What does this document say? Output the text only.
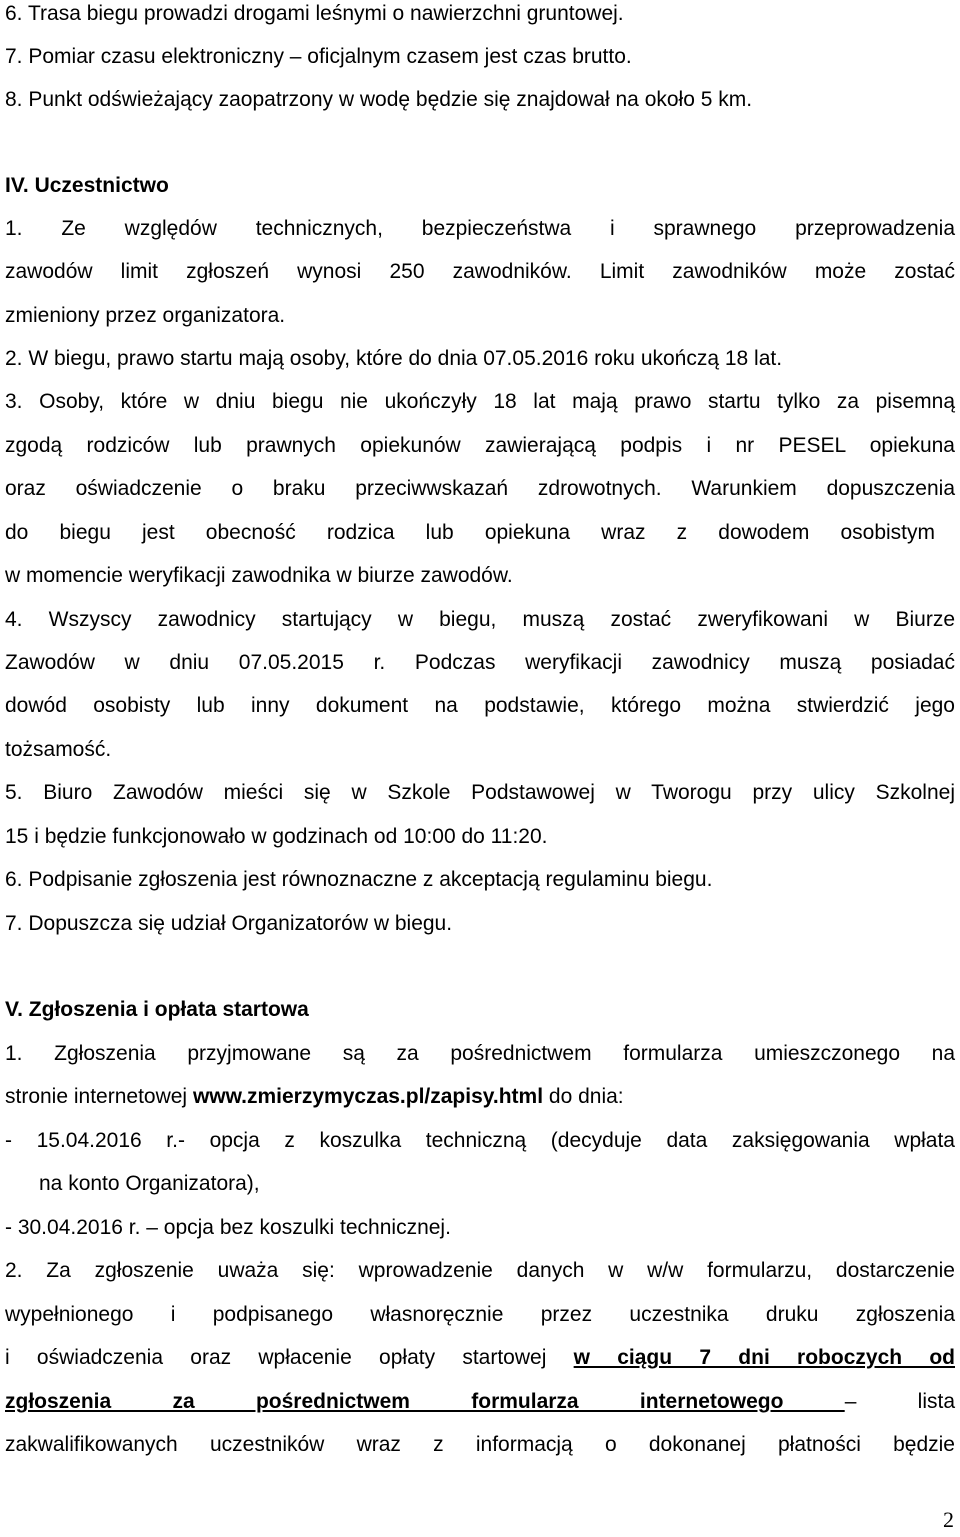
6. Trasa biegu prowadzi drogami leśnymi o nawierzchni gruntowej.
7. Pomiar czasu elektroniczny – oficjalnym czasem jest czas brutto.
8. Punkt odświeżający zaopatrzony w wodę będzie się znajdował na około 5 km.
IV. Uczestnictwo
1. Ze względów technicznych, bezpieczeństwa i sprawnego przeprowadzenia
zawodów limit zgłoszeń wynosi 250 zawodników. Limit zawodników może zostać
zmieniony przez organizatora.
2. W biegu, prawo startu mają osoby, które do dnia 07.05.2016 roku ukończą 18 lat.
3. Osoby, które w dniu biegu nie ukończyły 18 lat mają prawo startu tylko za pisemną
zgodą rodziców lub prawnych opiekunów zawierającą podpis i nr PESEL opiekuna
oraz oświadczenie o braku przeciwwskazań zdrowotnych. Warunkiem dopuszczenia
do biegu jest obecność rodzica lub opiekuna wraz z dowodem osobistym
w momencie weryfikacji zawodnika w biurze zawodów.
4. Wszyscy zawodnicy startujący w biegu, muszą zostać zweryfikowani w Biurze
Zawodów w dniu 07.05.2015 r. Podczas weryfikacji zawodnicy muszą posiadać
dowód osobisty lub inny dokument na podstawie, którego można stwierdzić jego
tożsamość.
5. Biuro Zawodów mieści się w Szkole Podstawowej w Tworogu przy ulicy Szkolnej
15 i będzie funkcjonowało w godzinach od 10:00 do 11:20.
6. Podpisanie zgłoszenia jest równoznaczne z akceptacją regulaminu biegu.
7. Dopuszcza się udział Organizatorów w biegu.
V. Zgłoszenia i opłata startowa
1. Zgłoszenia przyjmowane są za pośrednictwem formularza umieszczonego na
stronie internetowej www.zmierzymyczas.pl/zapisy.html do dnia:
- 15.04.2016 r.- opcja z koszulka techniczną (decyduje data zaksięgowania wpłata
na konto Organizatora),
- 30.04.2016 r. – opcja bez koszulki technicznej.
2. Za zgłoszenie uważa się: wprowadzenie danych w w/w formularzu, dostarczenie
wypełnionego i podpisanego własnoręcznie przez uczestnika druku zgłoszenia
i oświadczenia oraz wpłacenie opłaty startowej w ciągu 7 dni roboczych od
zgłoszenia za pośrednictwem formularza internetowego – lista
zakwalifikowanych uczestników wraz z informacją o dokonanej płatności będzie
2
